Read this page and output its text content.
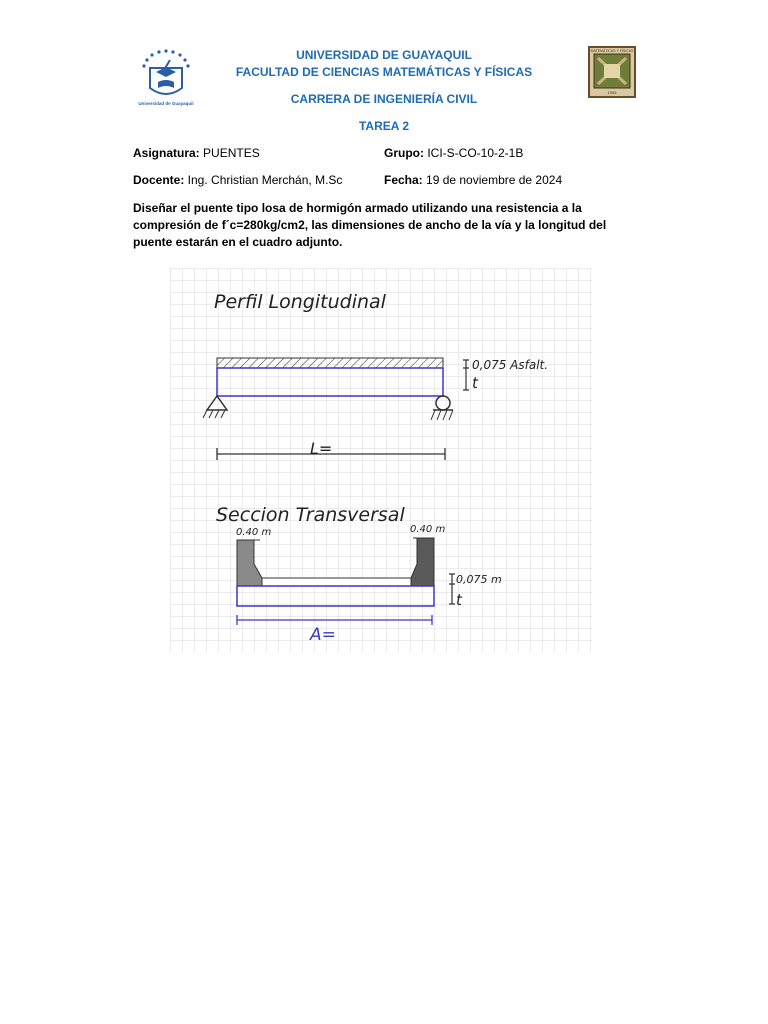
Universidad de Guayaquil
UNIVERSIDAD DE GUAYAQUIL
FACULTAD DE CIENCIAS MATEMÁTICAS Y FÍSICAS
CARRERA DE INGENIERÍA CIVIL
TAREA 2
MATEMÁTICAS Y FÍSICAS
1955
Asignatura: PUENTES	Grupo: ICI-S-CO-10-2-1B
Docente: Ing. Christian Merchán, M.Sc	Fecha: 19 de noviembre de 2024
Diseñar el puente tipo losa de hormigón armado utilizando una resistencia a la compresión de f´c=280kg/cm2, las dimensiones de ancho de la vía y la longitud del puente estarán en el cuadro adjunto.
Perfil Longitudinal
0,075 Asfalt.
t
L=
Seccion Transversal
0.40 m	0.40 m
0,075 m
t
A=
